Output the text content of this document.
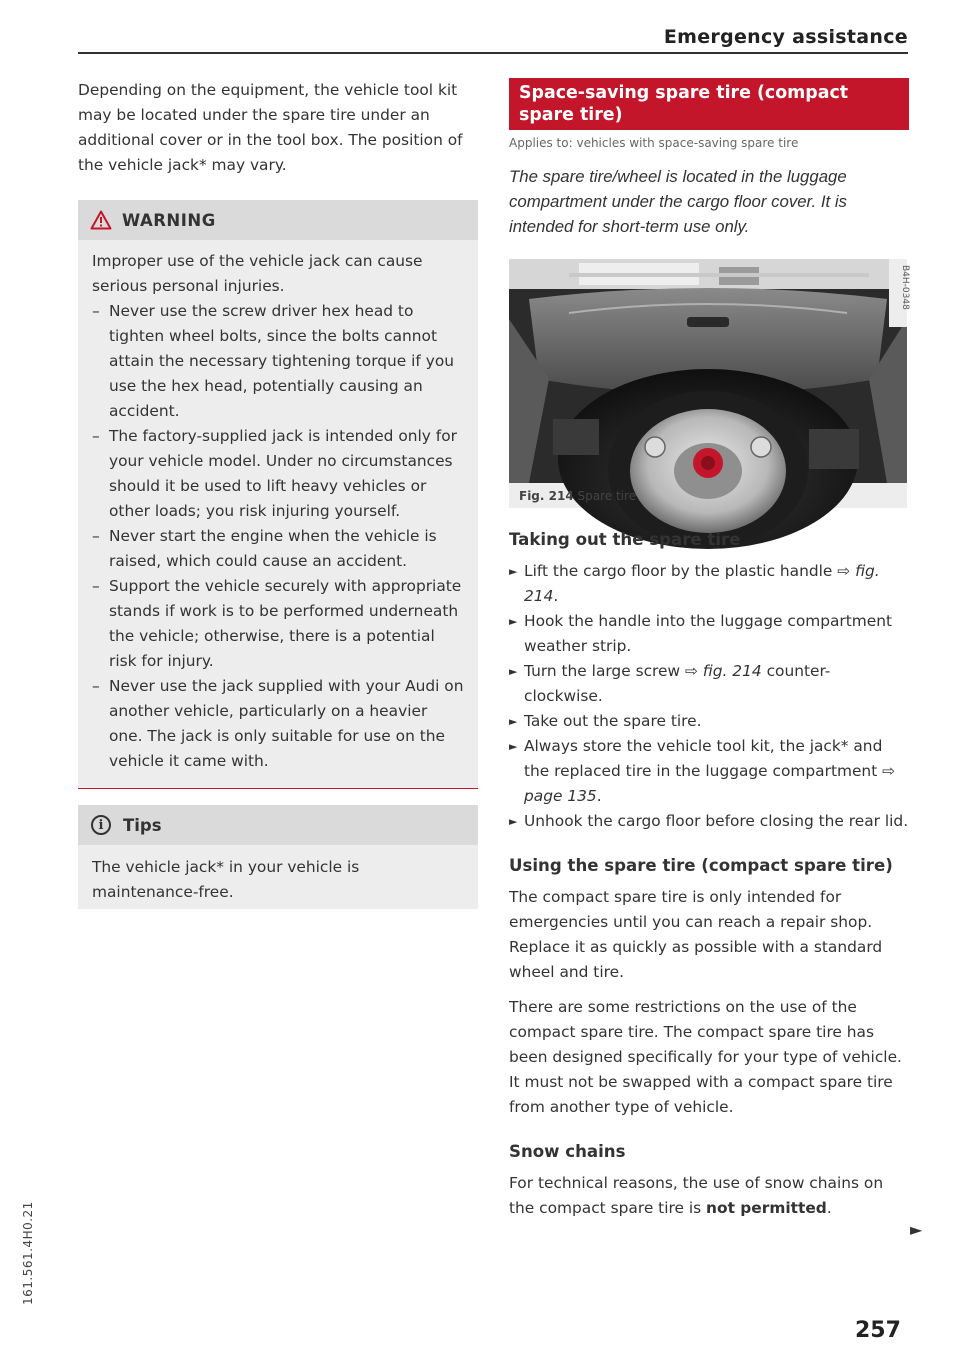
Emergency assistance

Depending on the equipment, the vehicle tool kit may be located under the spare tire under an additional cover or in the tool box. The position of the vehicle jack* may vary.

WARNING

Improper use of the vehicle jack can cause serious personal injuries.

– Never use the screw driver hex head to tighten wheel bolts, since the bolts cannot attain the necessary tightening torque if you use the hex head, potentially causing an accident.
– The factory-supplied jack is intended only for your vehicle model. Under no circumstances should it be used to lift heavy vehicles or other loads; you risk injuring yourself.
– Never start the engine when the vehicle is raised, which could cause an accident.
– Support the vehicle securely with appropriate stands if work is to be performed underneath the vehicle; otherwise, there is a potential risk for injury.
– Never use the jack supplied with your Audi on another vehicle, particularly on a heavier one. The jack is only suitable for use on the vehicle it came with.
i	Tips

The vehicle jack* in your vehicle is maintenance-free.

Space-saving spare tire (compact spare tire)
Applies to: vehicles with space-saving spare tire
The spare tire/wheel is located in the luggage compartment under the cargo floor cover. It is intended for short-term use only.
B4H-0348
Fig. 214 Spare tire
Taking out the spare tire
► Lift the cargo floor by the plastic handle ⇨ fig. 214.
► Hook the handle into the luggage compartment weather strip.
► Turn the large screw ⇨ fig. 214 counter-clockwise.
► Take out the spare tire.
► Always store the vehicle tool kit, the jack* and the replaced tire in the luggage compartment ⇨ page 135.
► Unhook the cargo floor before closing the rear lid.
Using the spare tire (compact spare tire)

The compact spare tire is only intended for emergencies until you can reach a repair shop. Replace it as quickly as possible with a standard wheel and tire.

There are some restrictions on the use of the compact spare tire. The compact spare tire has been designed specifically for your type of vehicle. It must not be swapped with a compact spare tire from another type of vehicle.

Snow chains

For technical reasons, the use of snow chains on the compact spare tire is not permitted.

►
257
161.561.4H0.21
